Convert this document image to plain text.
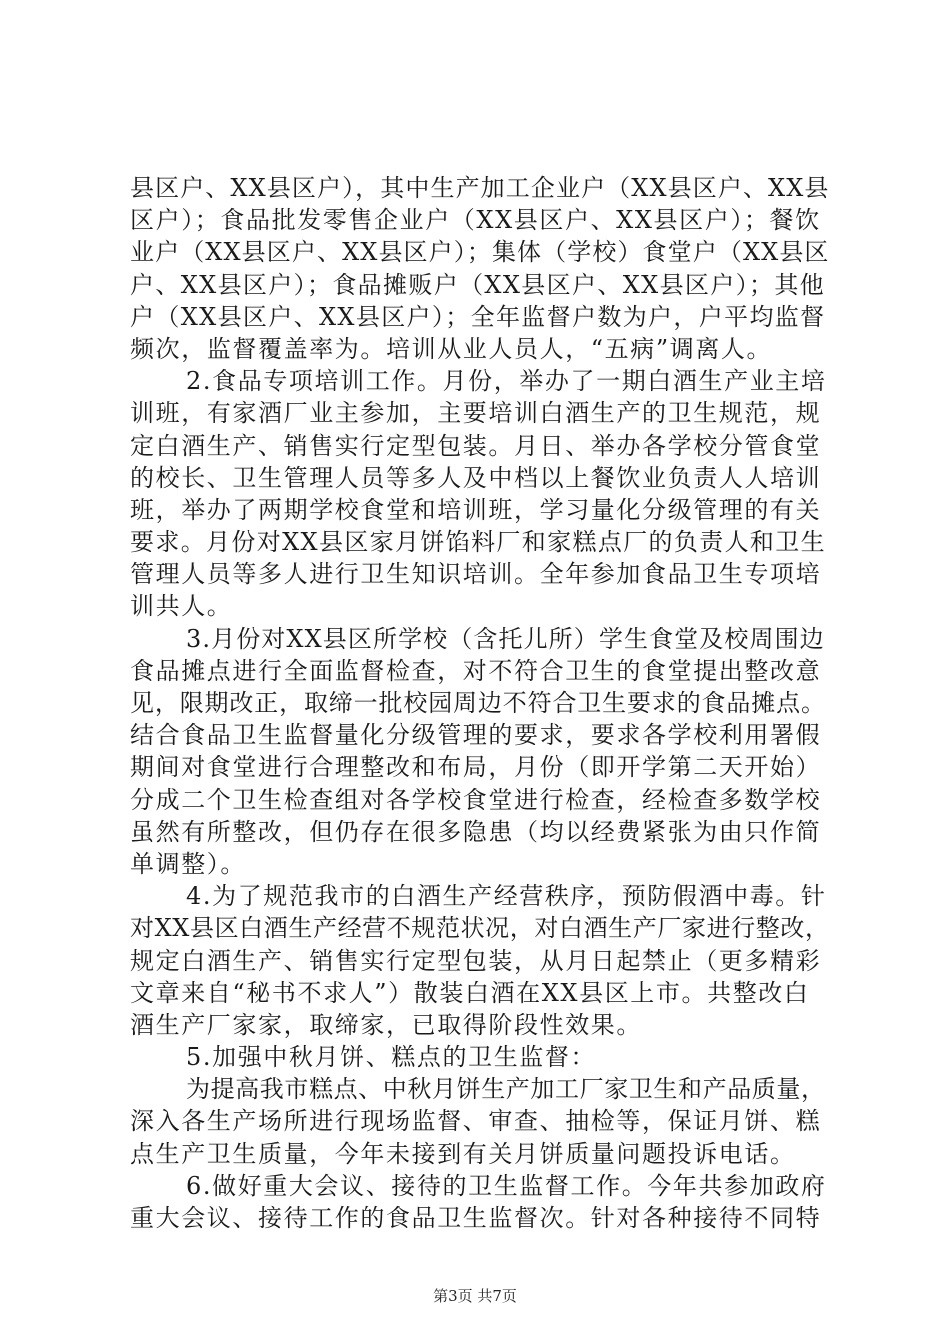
县区户、XX县区户），其中生产加工企业户（XX县区户、XX县
区户）；食品批发零售企业户（XX县区户、XX县区户）；餐饮
业户（XX县区户、XX县区户）；集体（学校）食堂户（XX县区
户、XX县区户）；食品摊贩户（XX县区户、XX县区户）；其他
户（XX县区户、XX县区户）；全年监督户数为户，户平均监督
频次，监督覆盖率为。培训从业人员人，“五病”调离人。
2.食品专项培训工作。月份，举办了一期白酒生产业主培
训班，有家酒厂业主参加，主要培训白酒生产的卫生规范，规
定白酒生产、销售实行定型包装。月日、举办各学校分管食堂
的校长、卫生管理人员等多人及中档以上餐饮业负责人人培训
班，举办了两期学校食堂和培训班，学习量化分级管理的有关
要求。月份对XX县区家月饼馅料厂和家糕点厂的负责人和卫生
管理人员等多人进行卫生知识培训。全年参加食品卫生专项培
训共人。
3.月份对XX县区所学校（含托儿所）学生食堂及校周围边
食品摊点进行全面监督检查，对不符合卫生的食堂提出整改意
见，限期改正，取缔一批校园周边不符合卫生要求的食品摊点。
结合食品卫生监督量化分级管理的要求，要求各学校利用署假
期间对食堂进行合理整改和布局，月份（即开学第二天开始）
分成二个卫生检查组对各学校食堂进行检查，经检查多数学校
虽然有所整改，但仍存在很多隐患（均以经费紧张为由只作简
单调整）。
4.为了规范我市的白酒生产经营秩序，预防假酒中毒。针
对XX县区白酒生产经营不规范状况，对白酒生产厂家进行整改，
规定白酒生产、销售实行定型包装，从月日起禁止（更多精彩
文章来自“秘书不求人”）散装白酒在XX县区上市。共整改白
酒生产厂家家，取缔家，已取得阶段性效果。
5.加强中秋月饼、糕点的卫生监督：
为提高我市糕点、中秋月饼生产加工厂家卫生和产品质量，
深入各生产场所进行现场监督、审查、抽检等，保证月饼、糕
点生产卫生质量，今年未接到有关月饼质量问题投诉电话。
6.做好重大会议、接待的卫生监督工作。今年共参加政府
重大会议、接待工作的食品卫生监督次。针对各种接待不同特
第3页 共7页
